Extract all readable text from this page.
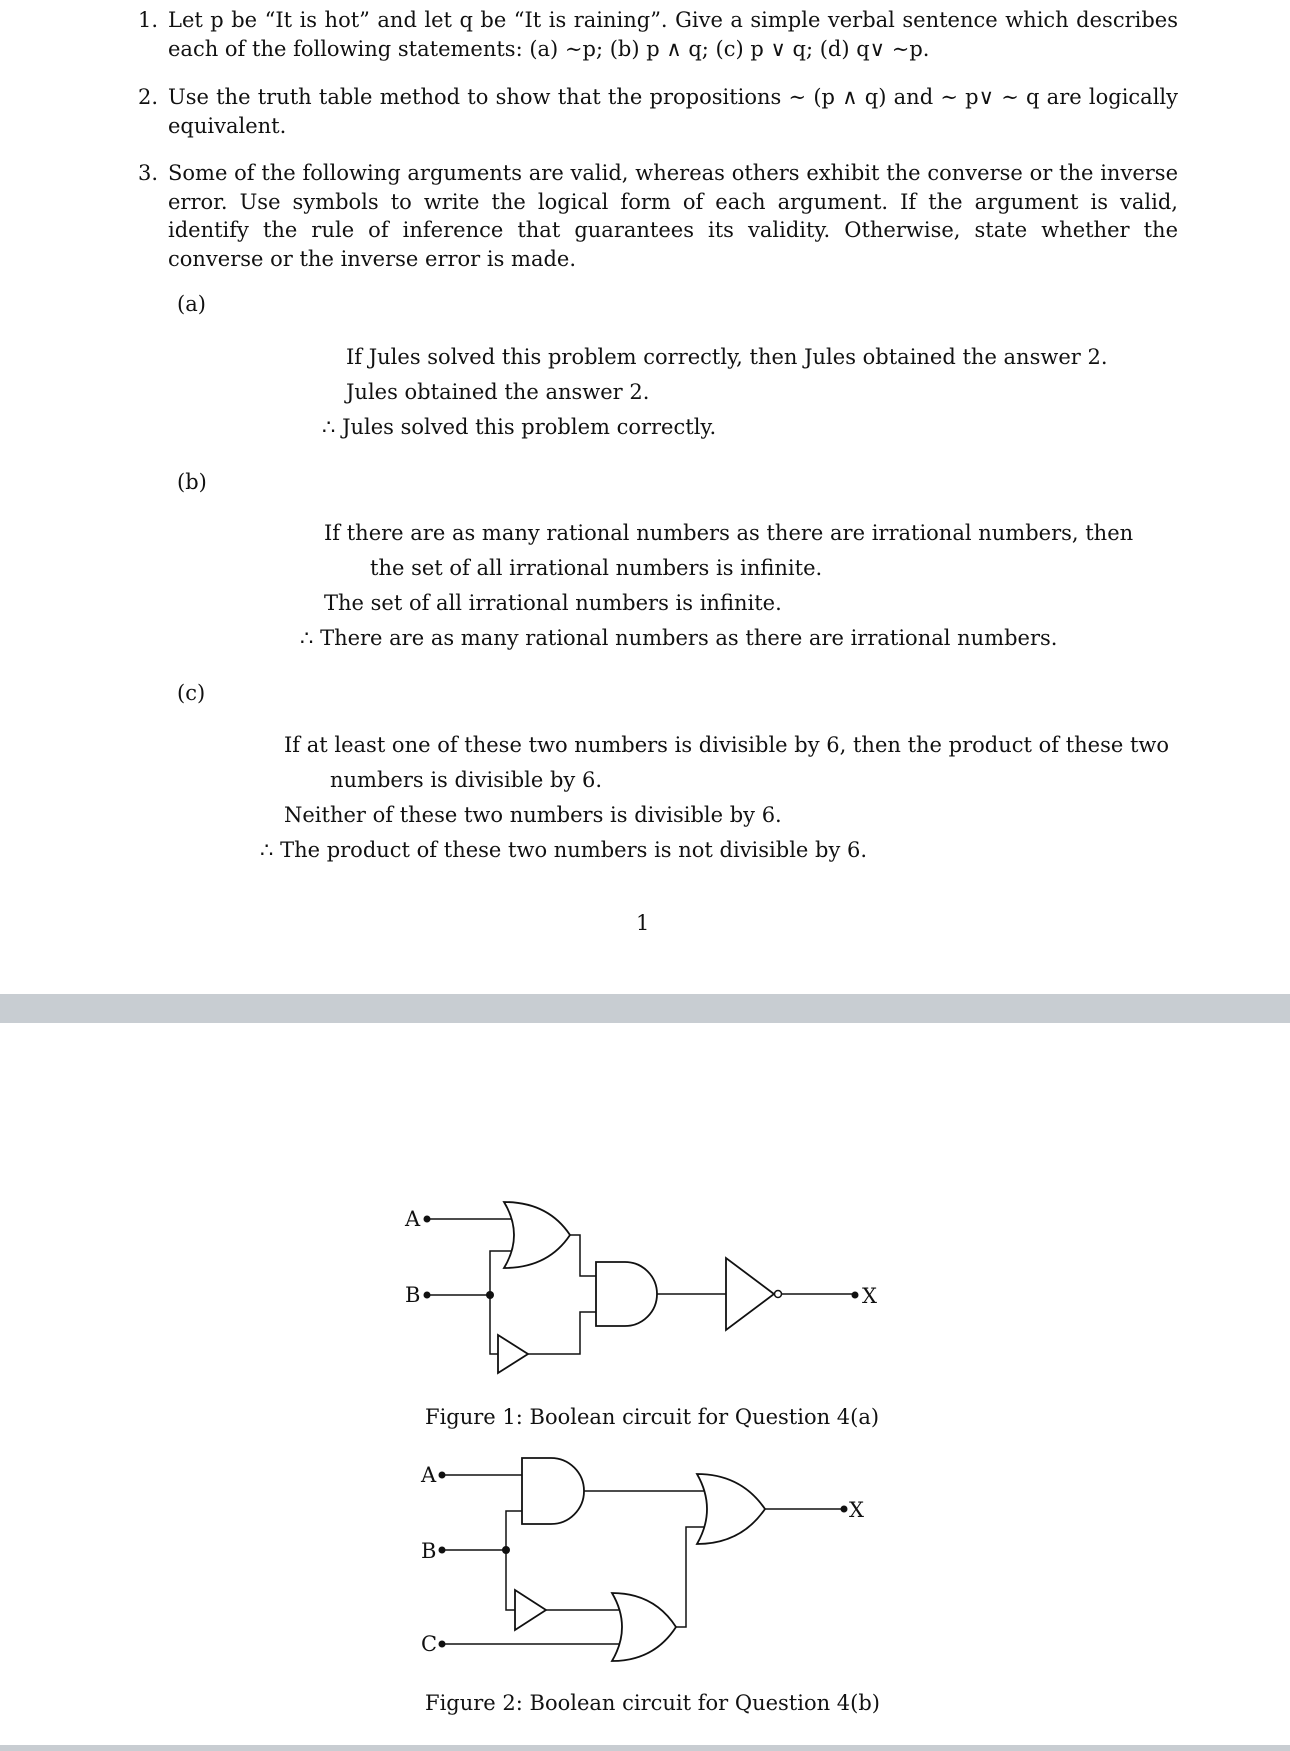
1. Let p be “It is hot” and let q be “It is raining”. Give a simple verbal sentence which describes each of the following statements: (a) ∼p; (b) p ∧ q; (c) p ∨ q; (d) q∨ ∼p.
2. Use the truth table method to show that the propositions ∼ (p ∧ q) and ∼ p∨ ∼ q are logically equivalent.
3. Some of the following arguments are valid, whereas others exhibit the converse or the inverse error. Use symbols to write the logical form of each argument. If the argument is valid, identify the rule of inference that guarantees its validity. Otherwise, state whether the converse or the inverse error is made.
(a)
If Jules solved this problem correctly, then Jules obtained the answer 2.
Jules obtained the answer 2.
∴ Jules solved this problem correctly.
(b)
If there are as many rational numbers as there are irrational numbers, then
the set of all irrational numbers is infinite.
The set of all irrational numbers is infinite.
∴ There are as many rational numbers as there are irrational numbers.
(c)
If at least one of these two numbers is divisible by 6, then the product of these two
numbers is divisible by 6.
Neither of these two numbers is divisible by 6.
∴ The product of these two numbers is not divisible by 6.
1
A
B	X
Figure 1: Boolean circuit for Question 4(a)
A
B
C
X
Figure 2: Boolean circuit for Question 4(b)
